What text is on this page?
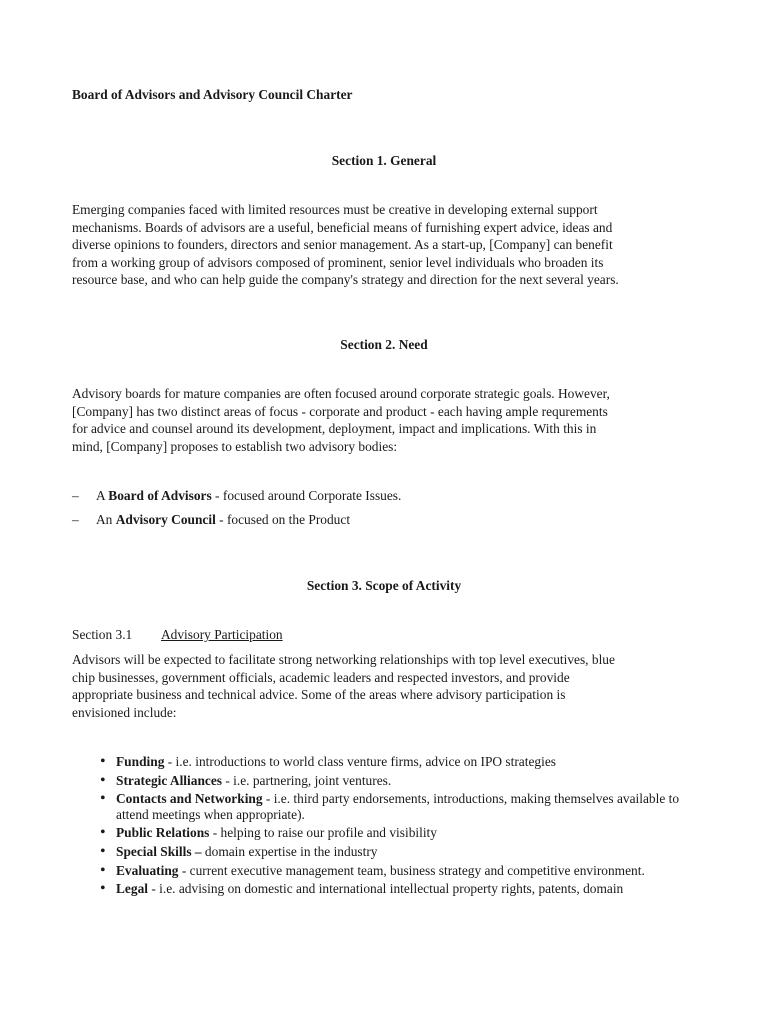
Board of Advisors and Advisory Council Charter
Section 1. General

Emerging companies faced with limited resources must be creative in developing external support

mechanisms. Boards of advisors are a useful, beneficial means of furnishing expert advice, ideas and

diverse opinions to founders, directors and senior management. As a start-up, [Company] can benefit

from a working group of advisors composed of prominent, senior level individuals who broaden its

resource base, and who can help guide the company's strategy and direction for the next several years.

Section 2. Need

Advisory boards for mature companies are often focused around corporate strategic goals. However,

[Company] has two distinct areas of focus - corporate and product - each having ample requrements

for advice and counsel around its development, deployment, impact and implications. With this in

mind, [Company] proposes to establish two advisory bodies:

– A Board of Advisors - focused around Corporate Issues.
– An Advisory Council - focused on the Product
Section 3. Scope of Activity
Section 3.1 Advisory Participation

Advisors will be expected to facilitate strong networking relationships with top level executives, blue

chip businesses, government officials, academic leaders and respected investors, and provide

appropriate business and technical advice. Some of the areas where advisory participation is

envisioned include:

• Funding - i.e. introductions to world class venture firms, advice on IPO strategies
• Strategic Alliances - i.e. partnering, joint ventures.
• Contacts and Networking - i.e. third party endorsements, introductions, making themselves available to attend meetings when appropriate).
• Public Relations - helping to raise our profile and visibility
• Special Skills – domain expertise in the industry
• Evaluating - current executive management team, business strategy and competitive environment.
• Legal - i.e. advising on domestic and international intellectual property rights, patents, domain
